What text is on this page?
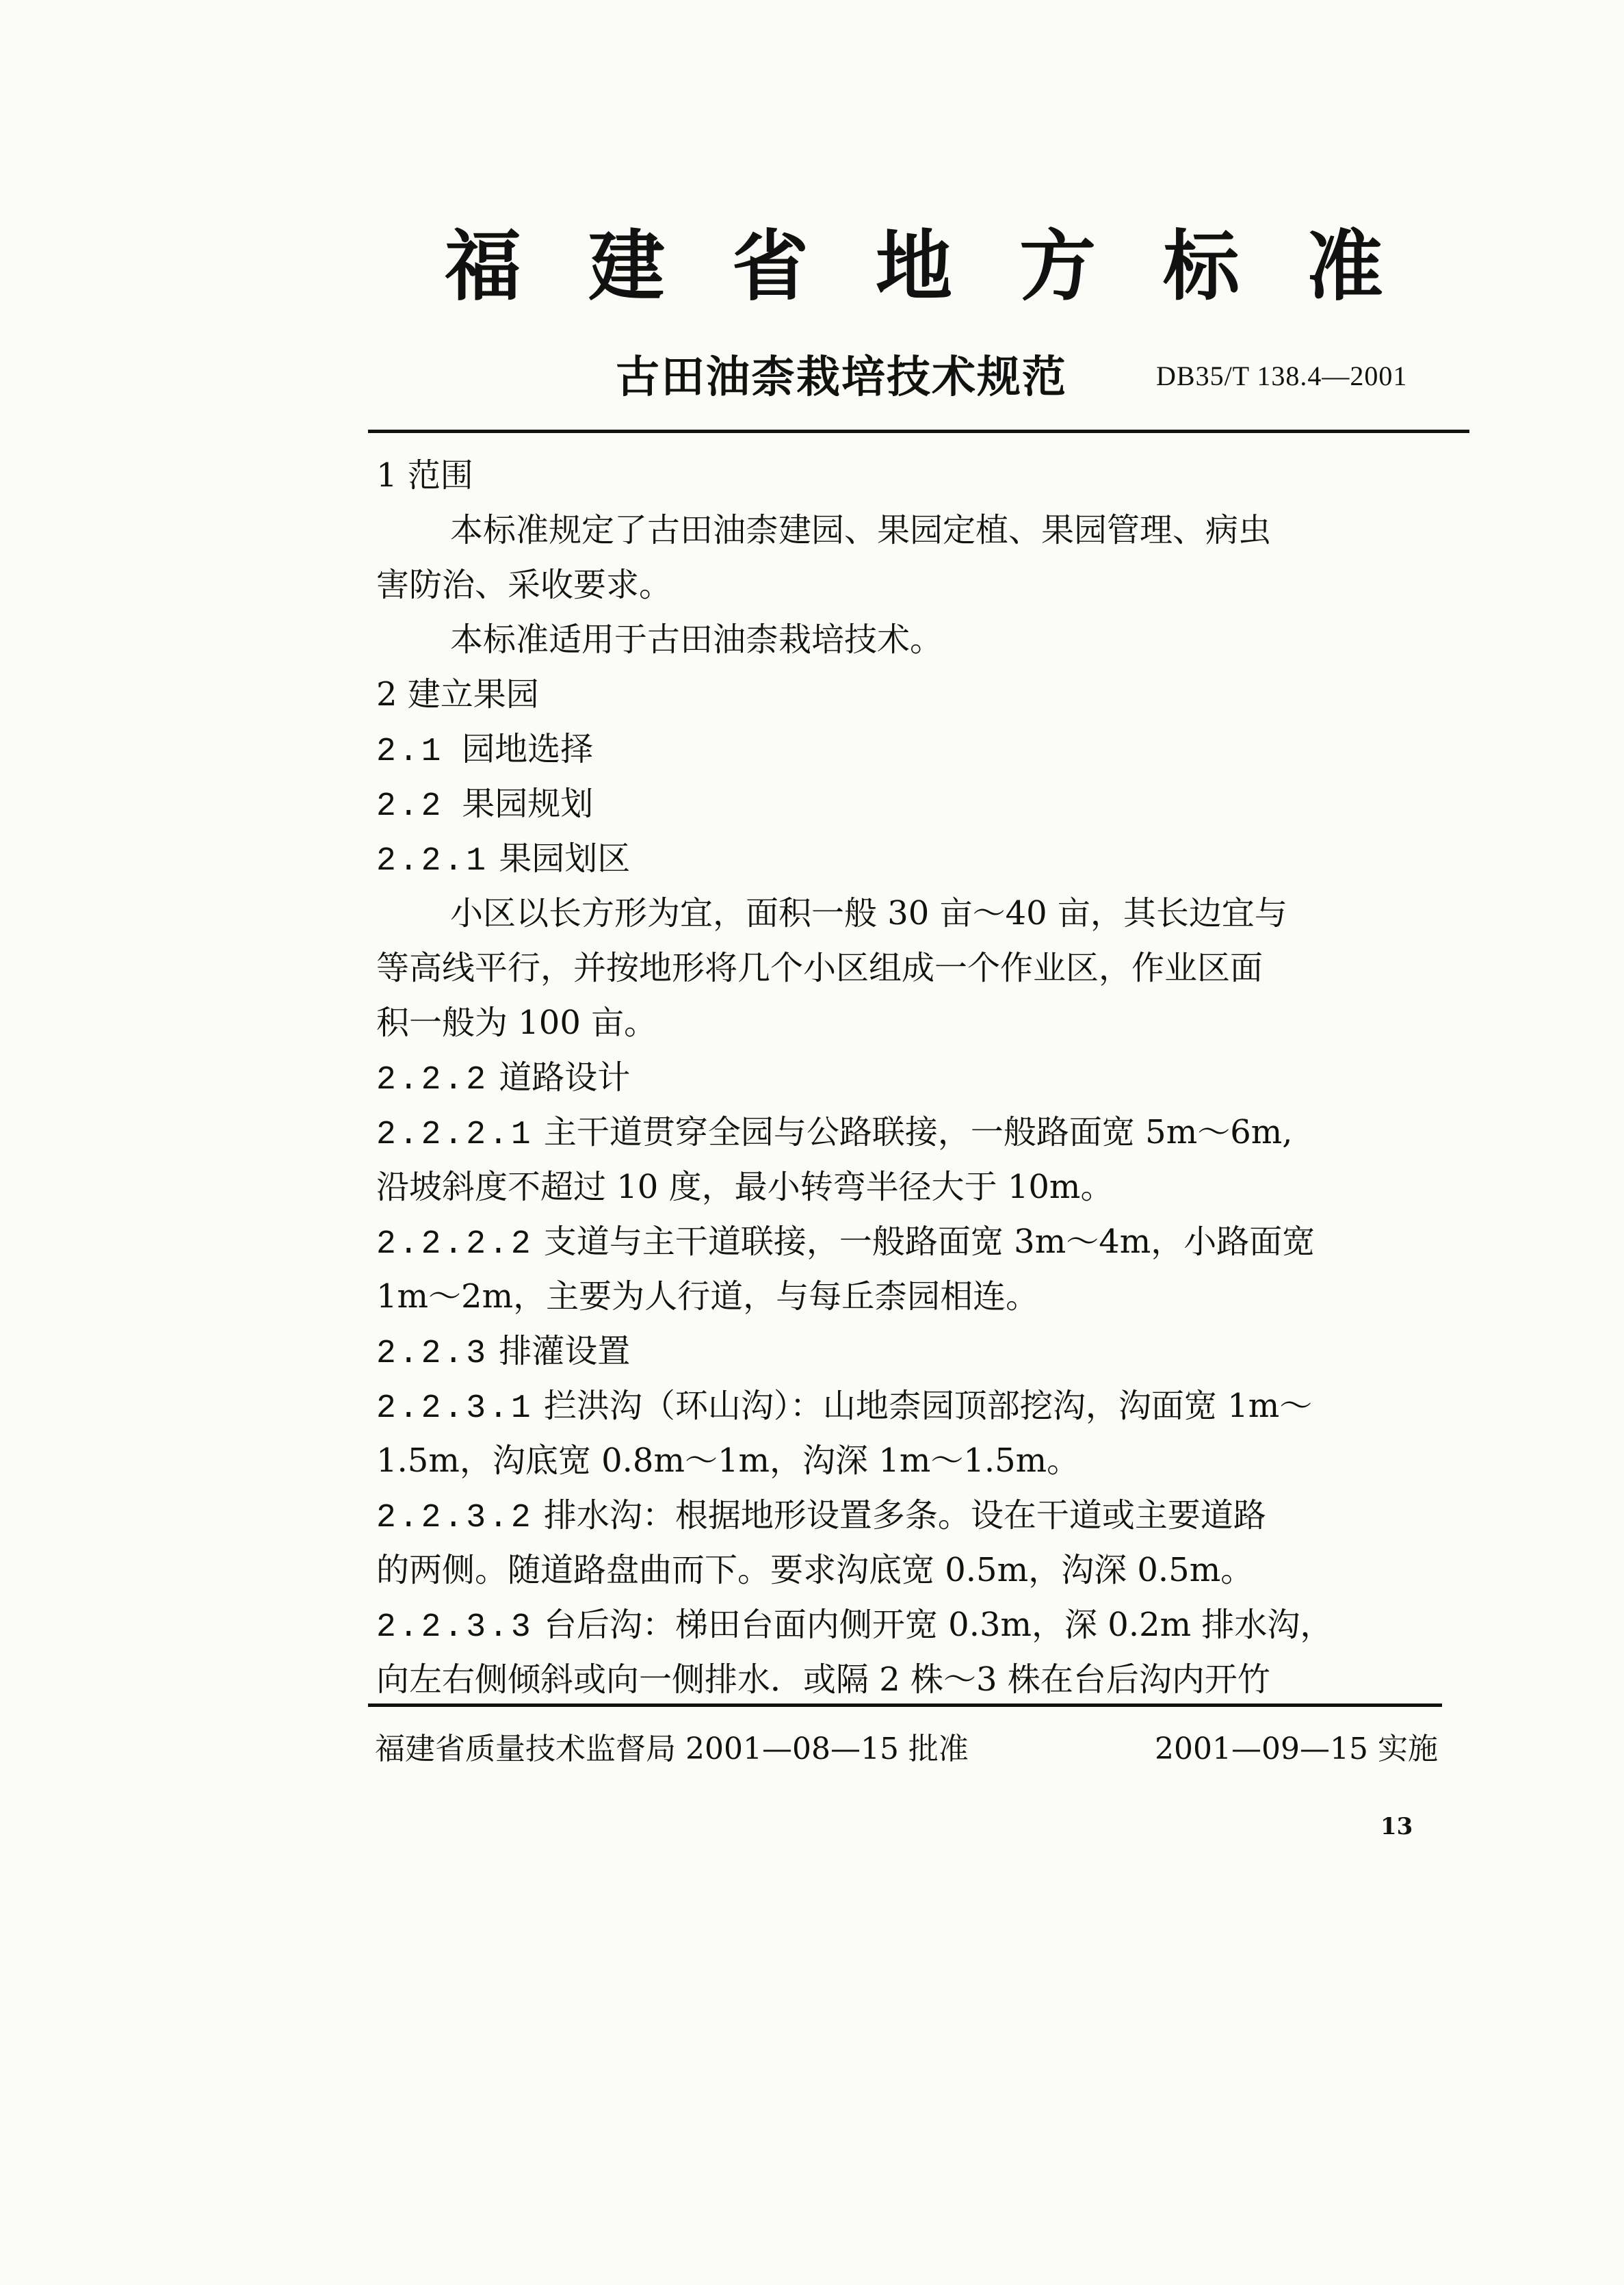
福建省地方标准
古田油柰栽培技术规范	DB35/T 138.4—2001
1 范围
本标准规定了古田油柰建园、果园定植、果园管理、病虫
害防治、采收要求。
本标准适用于古田油柰栽培技术。
2 建立果园
2.1 园地选择
2.2 果园规划
2.2.1 果园划区
小区以长方形为宜，面积一般 30 亩～40 亩，其长边宜与
等高线平行，并按地形将几个小区组成一个作业区，作业区面
积一般为 100 亩。
2.2.2 道路设计
2.2.2.1 主干道贯穿全园与公路联接，一般路面宽 5m～6m,
沿坡斜度不超过 10 度，最小转弯半径大于 10m。
2.2.2.2 支道与主干道联接，一般路面宽 3m～4m，小路面宽
1m～2m，主要为人行道，与每丘柰园相连。
2.2.3 排灌设置
2.2.3.1 拦洪沟（环山沟）：山地柰园顶部挖沟，沟面宽 1m～
1.5m，沟底宽 0.8m～1m，沟深 1m～1.5m。
2.2.3.2 排水沟：根据地形设置多条。设在干道或主要道路
的两侧。随道路盘曲而下。要求沟底宽 0.5m，沟深 0.5m。
2.2.3.3 台后沟：梯田台面内侧开宽 0.3m，深 0.2m 排水沟，
向左右侧倾斜或向一侧排水．或隔 2 株～3 株在台后沟内开竹
福建省质量技术监督局 2001—08—15 批准	2001—09—15 实施
13
